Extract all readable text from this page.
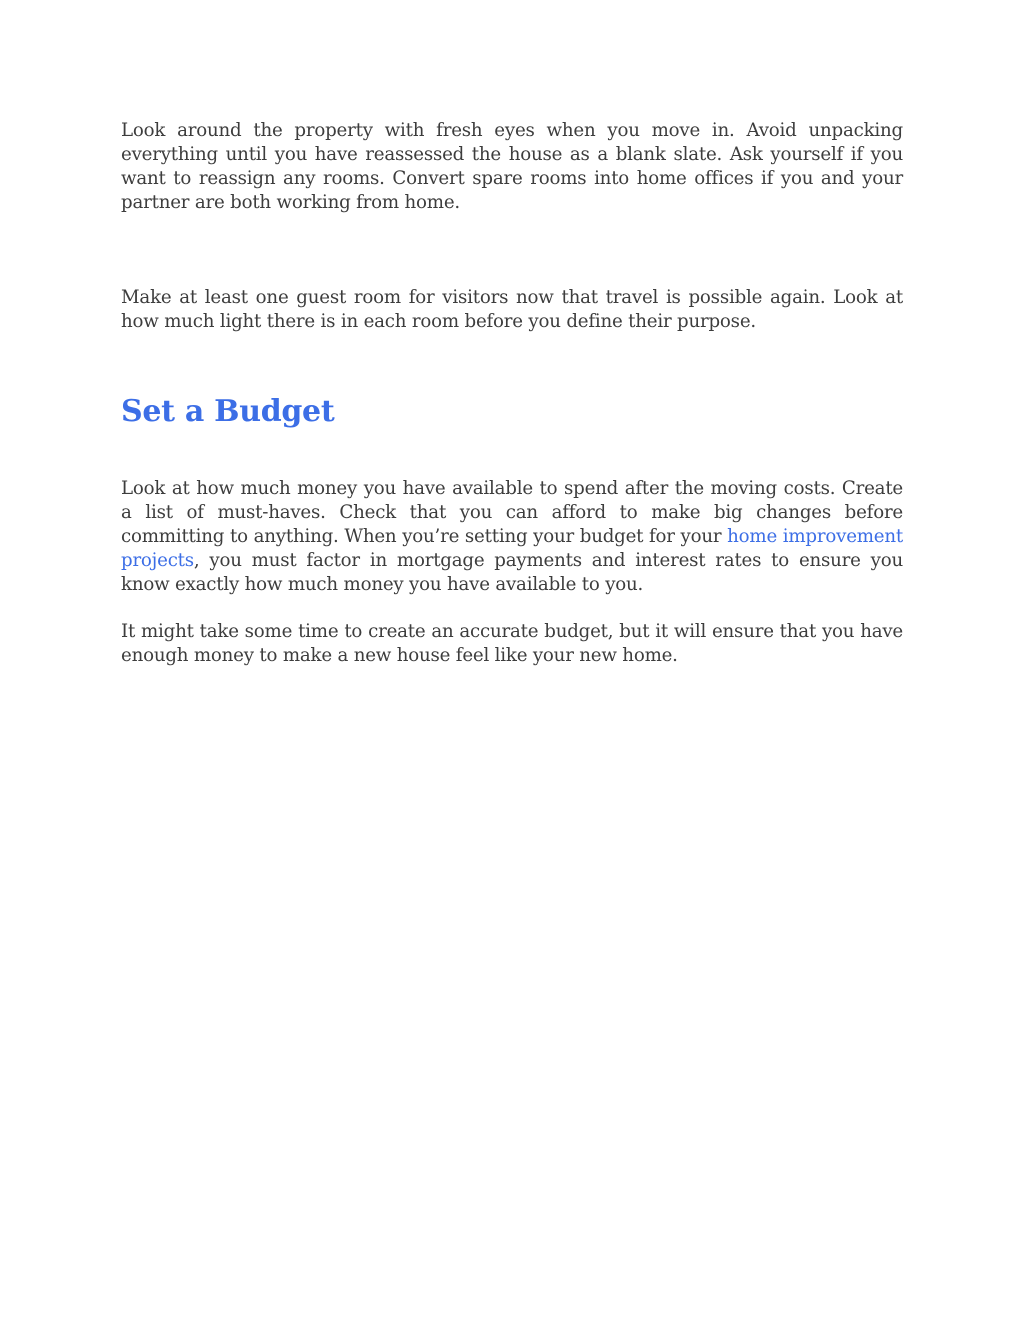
Look around the property with fresh eyes when you move in. Avoid unpacking everything until you have reassessed the house as a blank slate. Ask yourself if you want to reassign any rooms. Convert spare rooms into home offices if you and your partner are both working from home.

Make at least one guest room for visitors now that travel is possible again. Look at how much light there is in each room before you define their purpose.

Set a Budget

Look at how much money you have available to spend after the moving costs. Create a list of must-haves. Check that you can afford to make big changes before committing to anything. When you’re setting your budget for your home improvement projects, you must factor in mortgage payments and interest rates to ensure you know exactly how much money you have available to you.

It might take some time to create an accurate budget, but it will ensure that you have enough money to make a new house feel like your new home.
